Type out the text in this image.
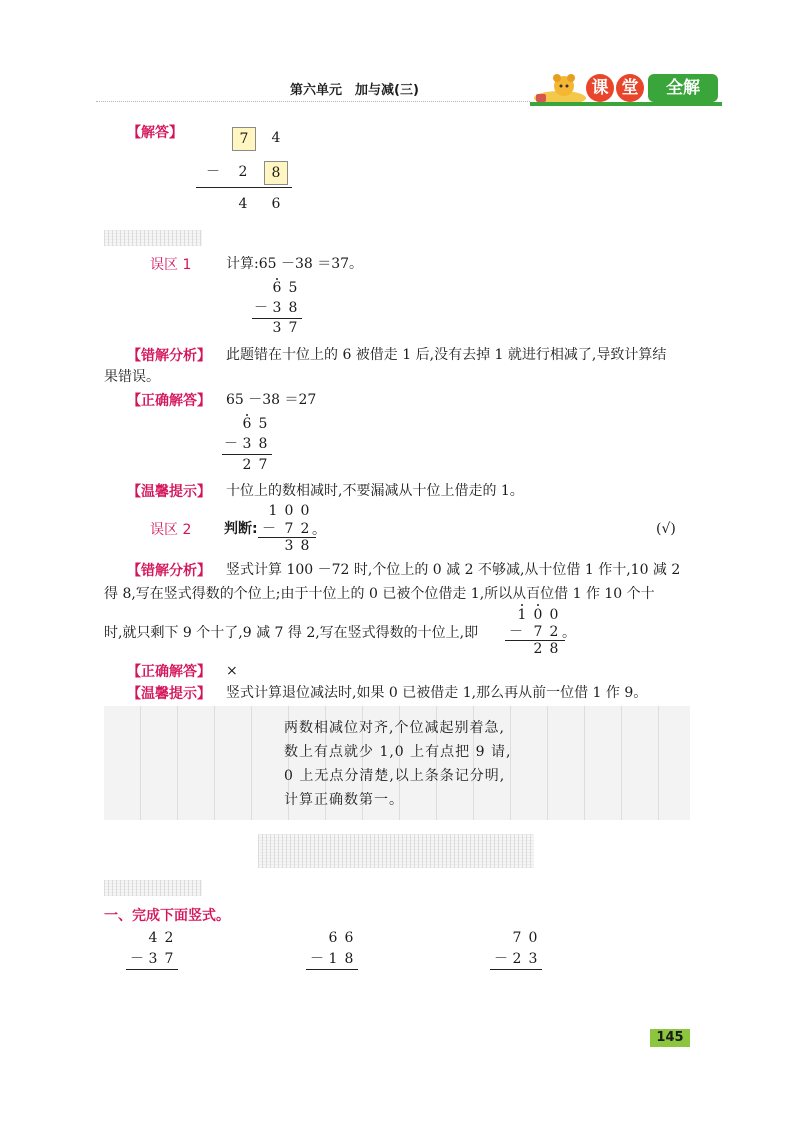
第六单元　加与减(三)	课 堂	全解
【解答】	7	4
－ 2	8
4 6
误区 1 计算:65 －38 ＝37。
6 5
－ 3 8
3 7
【错解分析】 此题错在十位上的 6 被借走 1 后,没有去掉 1 就进行相减了,导致计算结
果错误。
【正确解答】 65 －38 ＝27
6 5
－ 3 8
2 7
【温馨提示】 十位上的数相减时,不要漏减从十位上借走的 1。
1 0 0
误区 2 判断: － 7 2 。
3 8
(√)
【错解分析】 竖式计算 100 －72 时,个位上的 0 减 2 不够减,从十位借 1 作十,10 减 2
得 8,写在竖式得数的个位上;由于十位上的 0 已被个位借走 1,所以从百位借 1 作 10 个十
1 0 0
时,就只剩下 9 个十了,9 减 7 得 2,写在竖式得数的十位上,即 － 7 2 。
2 8
【正确解答】 ×
【温馨提示】 竖式计算退位减法时,如果 0 已被借走 1,那么再从前一位借 1 作 9。
两数相减位对齐,个位减起别着急,
数上有点就少 1,0 上有点把 9 请,
0 上无点分清楚,以上条条记分明,
计算正确数第一。
一、完成下面竖式。
4 2
－ 3 7
6 6
－ 1 8
7 0
－ 2 3
145
